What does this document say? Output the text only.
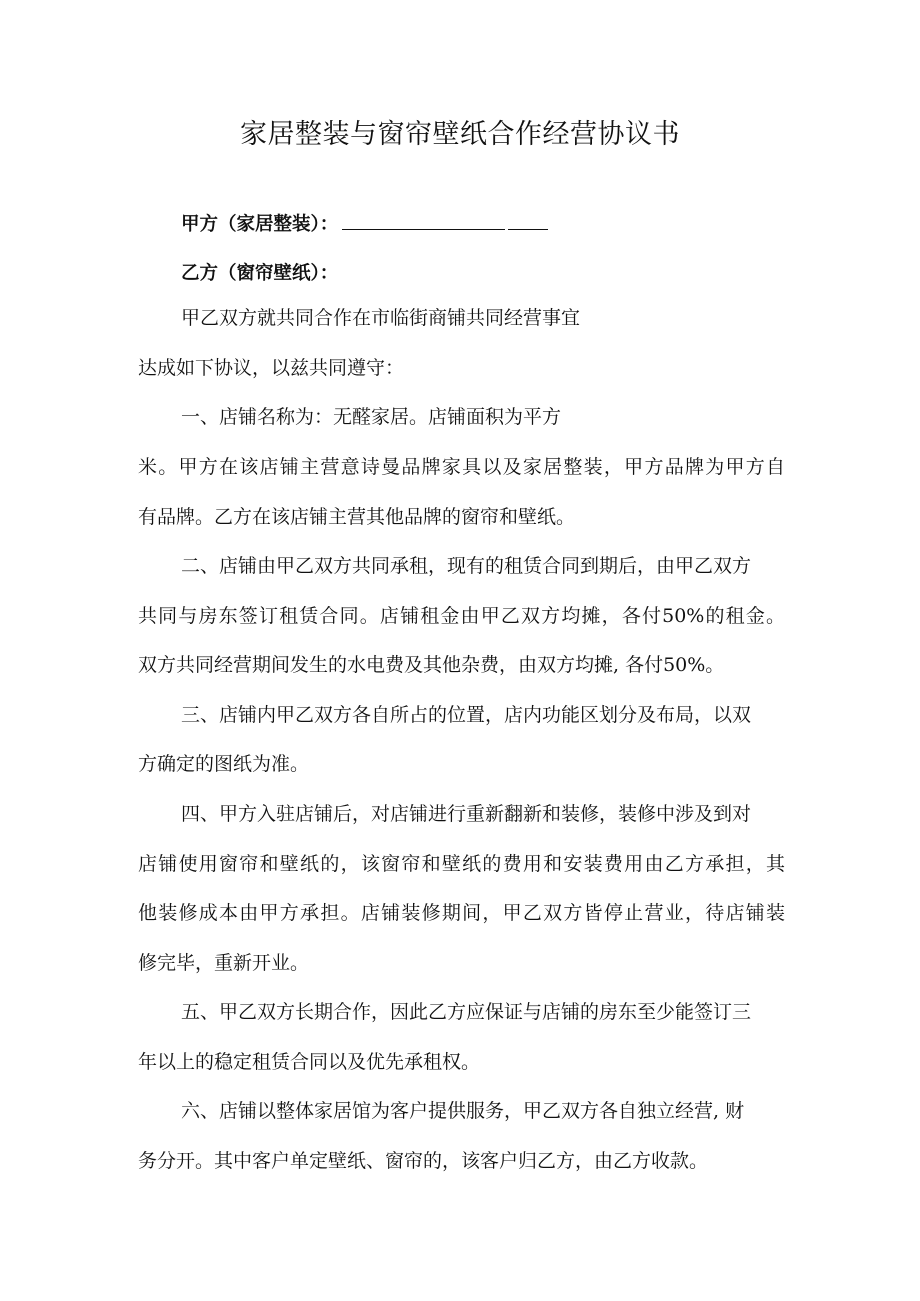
家居整装与窗帘壁纸合作经营协议书
甲方（家居整装）：
乙方（窗帘壁纸）：
甲乙双方就共同合作在市临街商铺共同经营事宜
达成如下协议，以兹共同遵守：
一、店铺名称为：无醛家居。店铺面积为平方
米。甲方在该店铺主营意诗曼品牌家具以及家居整装，甲方品牌为甲方自
有品牌。乙方在该店铺主营其他品牌的窗帘和壁纸。
二、店铺由甲乙双方共同承租，现有的租赁合同到期后，由甲乙双方
共同与房东签订租赁合同。店铺租金由甲乙双方均摊，各付50%的租金。
双方共同经营期间发生的水电费及其他杂费，由双方均摊, 各付50%。
三、店铺内甲乙双方各自所占的位置，店内功能区划分及布局，以双
方确定的图纸为准。
四、甲方入驻店铺后，对店铺进行重新翻新和装修，装修中涉及到对
店铺使用窗帘和壁纸的，该窗帘和壁纸的费用和安装费用由乙方承担，其
他装修成本由甲方承担。店铺装修期间，甲乙双方皆停止营业，待店铺装
修完毕，重新开业。
五、甲乙双方长期合作，因此乙方应保证与店铺的房东至少能签订三
年以上的稳定租赁合同以及优先承租权。
六、店铺以整体家居馆为客户提供服务，甲乙双方各自独立经营, 财
务分开。其中客户单定壁纸、窗帘的，该客户归乙方，由乙方收款。
